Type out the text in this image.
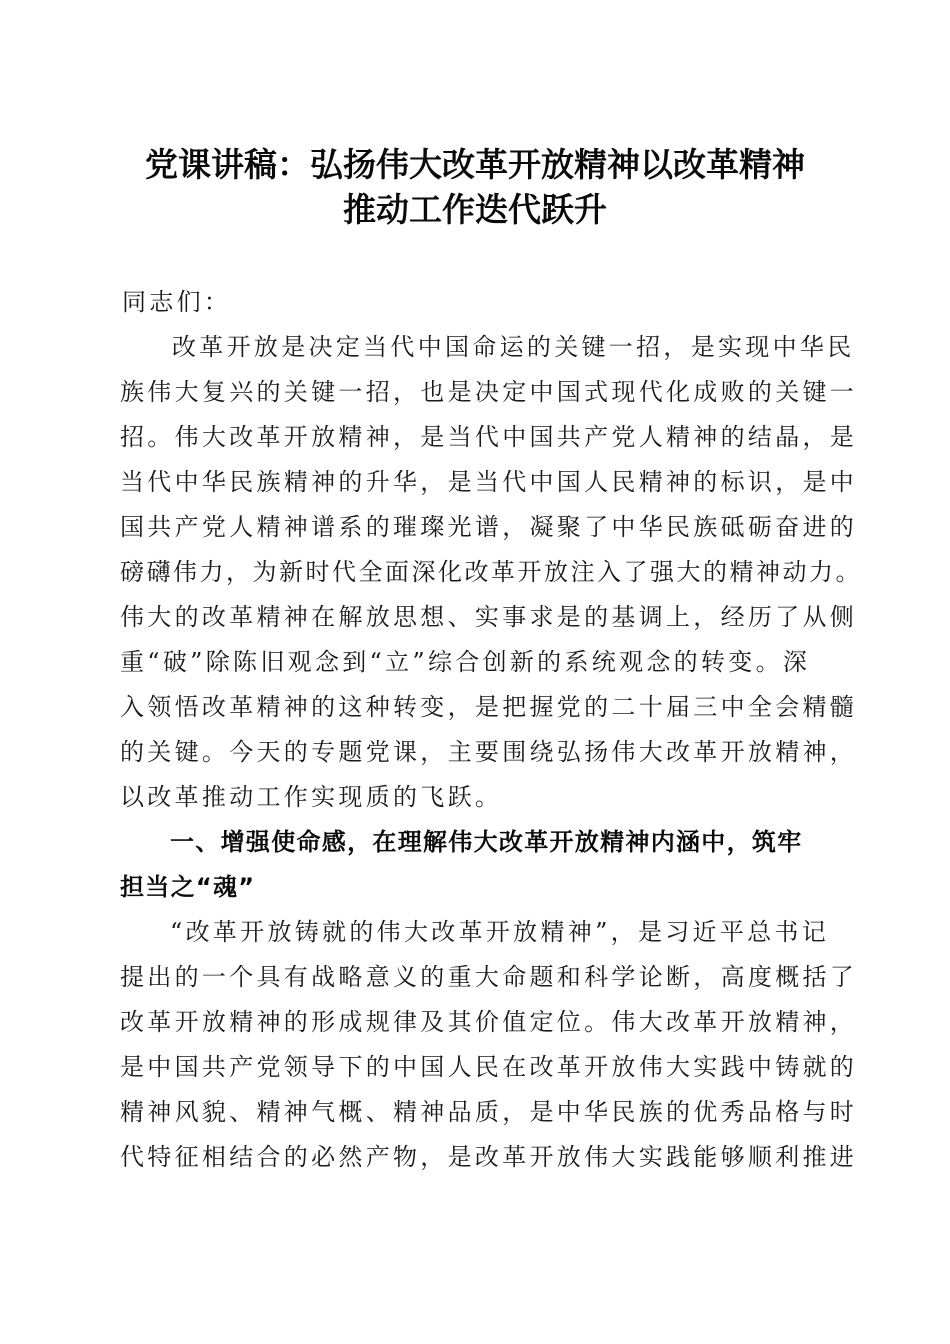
党课讲稿：弘扬伟大改革开放精神以改革精神
推动工作迭代跃升
同志们：
改革开放是决定当代中国命运的关键一招，是实现中华民
族伟大复兴的关键一招，也是决定中国式现代化成败的关键一
招。伟大改革开放精神，是当代中国共产党人精神的结晶，是
当代中华民族精神的升华，是当代中国人民精神的标识，是中
国共产党人精神谱系的璀璨光谱，凝聚了中华民族砥砺奋进的
磅礴伟力，为新时代全面深化改革开放注入了强大的精神动力。
伟大的改革精神在解放思想、实事求是的基调上，经历了从侧
重“破”除陈旧观念到“立”综合创新的系统观念的转变。深
入领悟改革精神的这种转变，是把握党的二十届三中全会精髓
的关键。今天的专题党课，主要围绕弘扬伟大改革开放精神，
以改革推动工作实现质的飞跃。
一、增强使命感，在理解伟大改革开放精神内涵中，筑牢
担当之“魂”
“改革开放铸就的伟大改革开放精神”，是习近平总书记
提出的一个具有战略意义的重大命题和科学论断，高度概括了
改革开放精神的形成规律及其价值定位。伟大改革开放精神，
是中国共产党领导下的中国人民在改革开放伟大实践中铸就的
精神风貌、精神气概、精神品质，是中华民族的优秀品格与时
代特征相结合的必然产物，是改革开放伟大实践能够顺利推进
